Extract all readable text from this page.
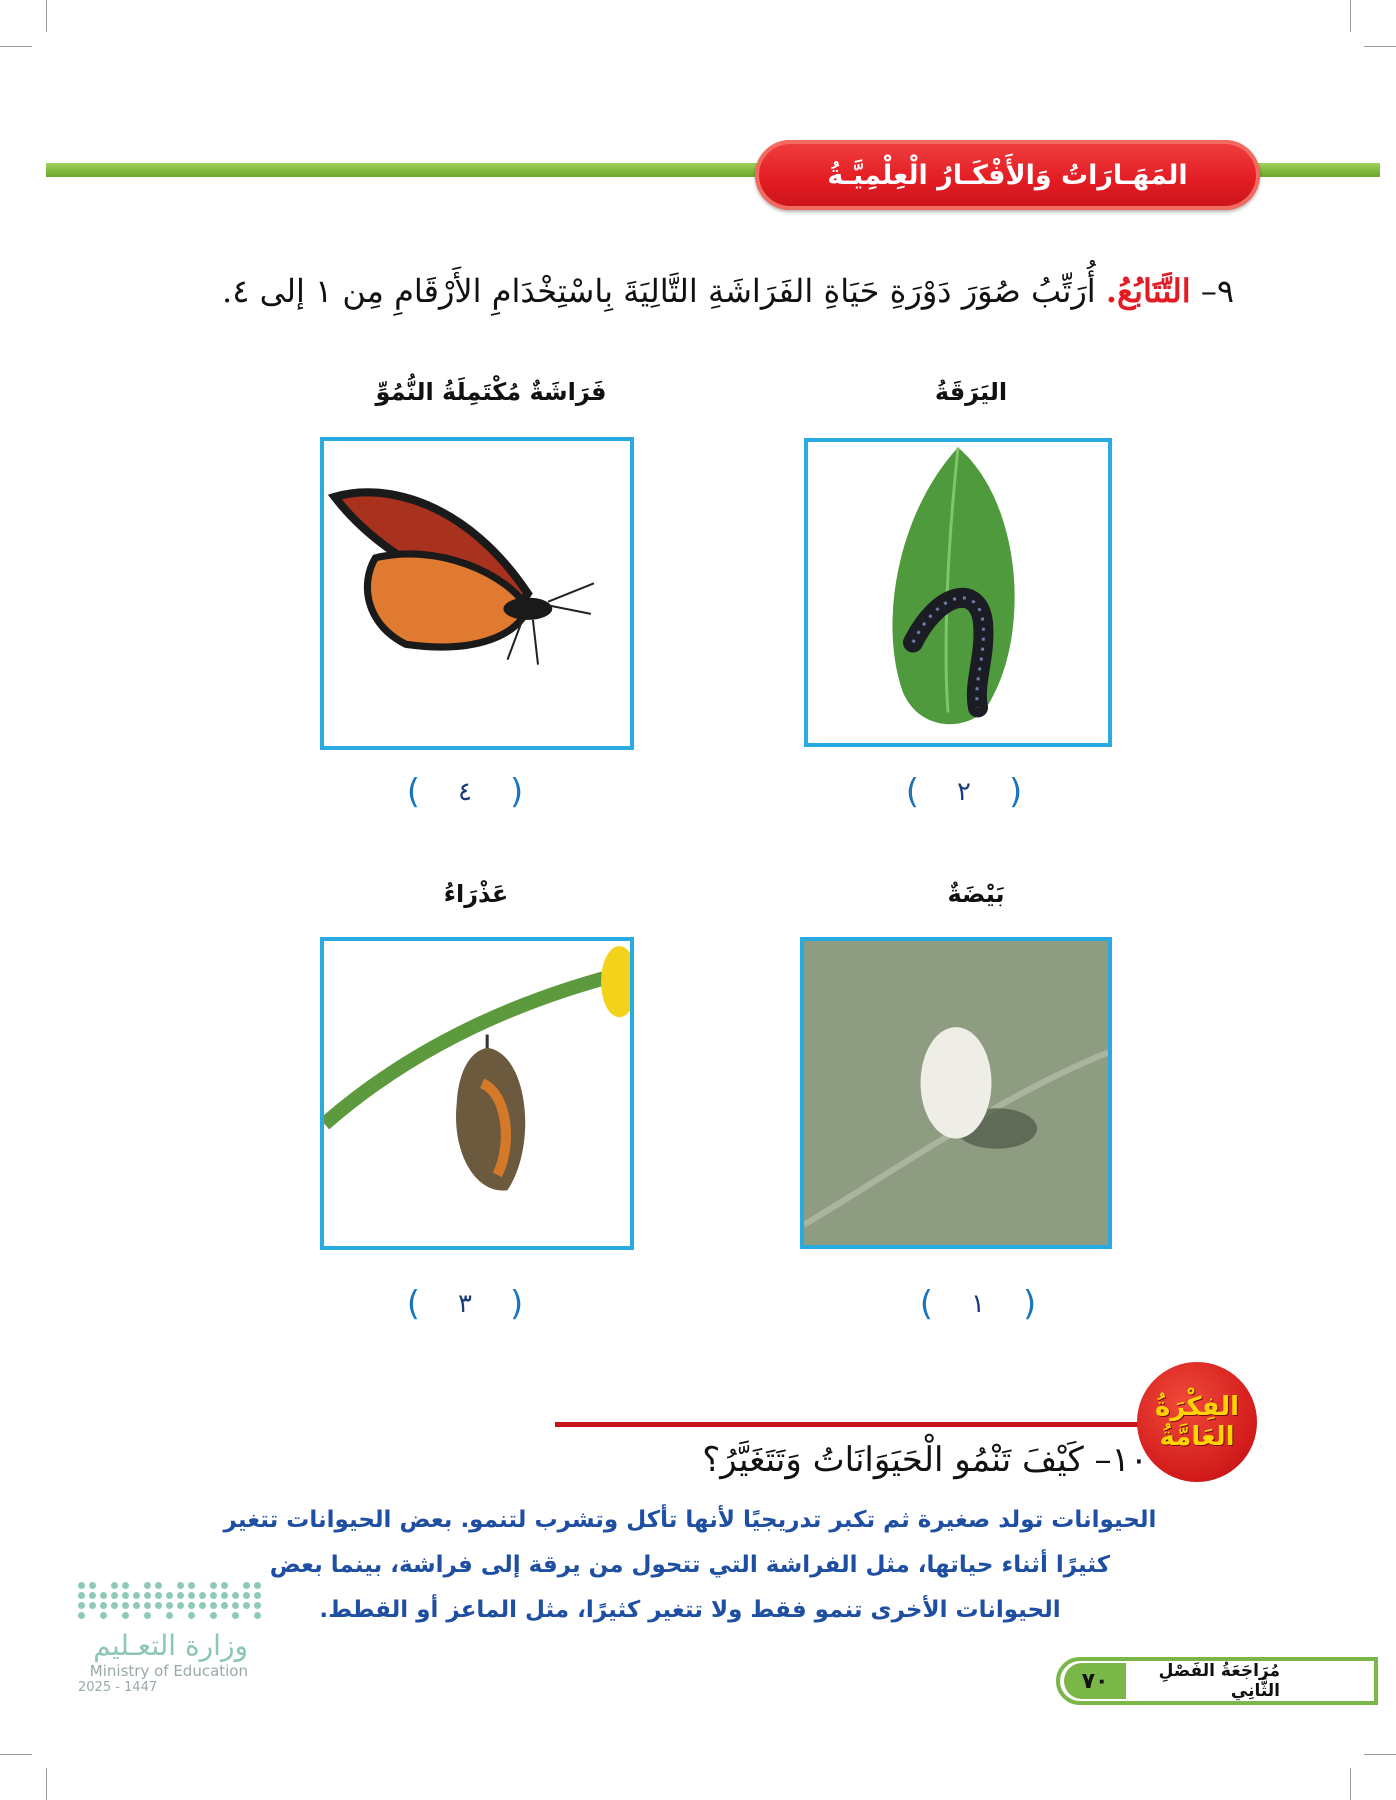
المَهَـارَاتُ وَالأَفْكَـارُ الْعِلْمِيَّـةُ
٩– التَّتَابُعُ. أُرَتِّبُ صُوَرَ دَوْرَةِ حَيَاةِ الفَرَاشَةِ التَّالِيَةَ بِاسْتِخْدَامِ الأَرْقَامِ مِن ١ إلى ٤.
اليَرَقَةُ
( ٢ )
فَرَاشَةٌ مُكْتَمِلَةُ النُّمُوِّ
( ٤ )
بَيْضَةٌ
( ١ )
عَذْرَاءُ
( ٣ )
الفِكْرَةُ
العَامَّةُ
١٠– كَيْفَ تَنْمُو الْحَيَوَانَاتُ وَتَتَغَيَّرُ؟
الحيوانات تولد صغيرة ثم تكبر تدريجيًا لأنها تأكل وتشرب لتنمو. بعض الحيوانات تتغير كثيرًا أثناء حياتها، مثل الفراشة التي تتحول من يرقة إلى فراشة، بينما بعض الحيوانات الأخرى تنمو فقط ولا تتغير كثيرًا، مثل الماعز أو القطط.
وزارة التعـليم
Ministry of Education
2025 - 1447
مُرَاجَعَةُ الفَصْلِ الثَّانِي
٧٠
